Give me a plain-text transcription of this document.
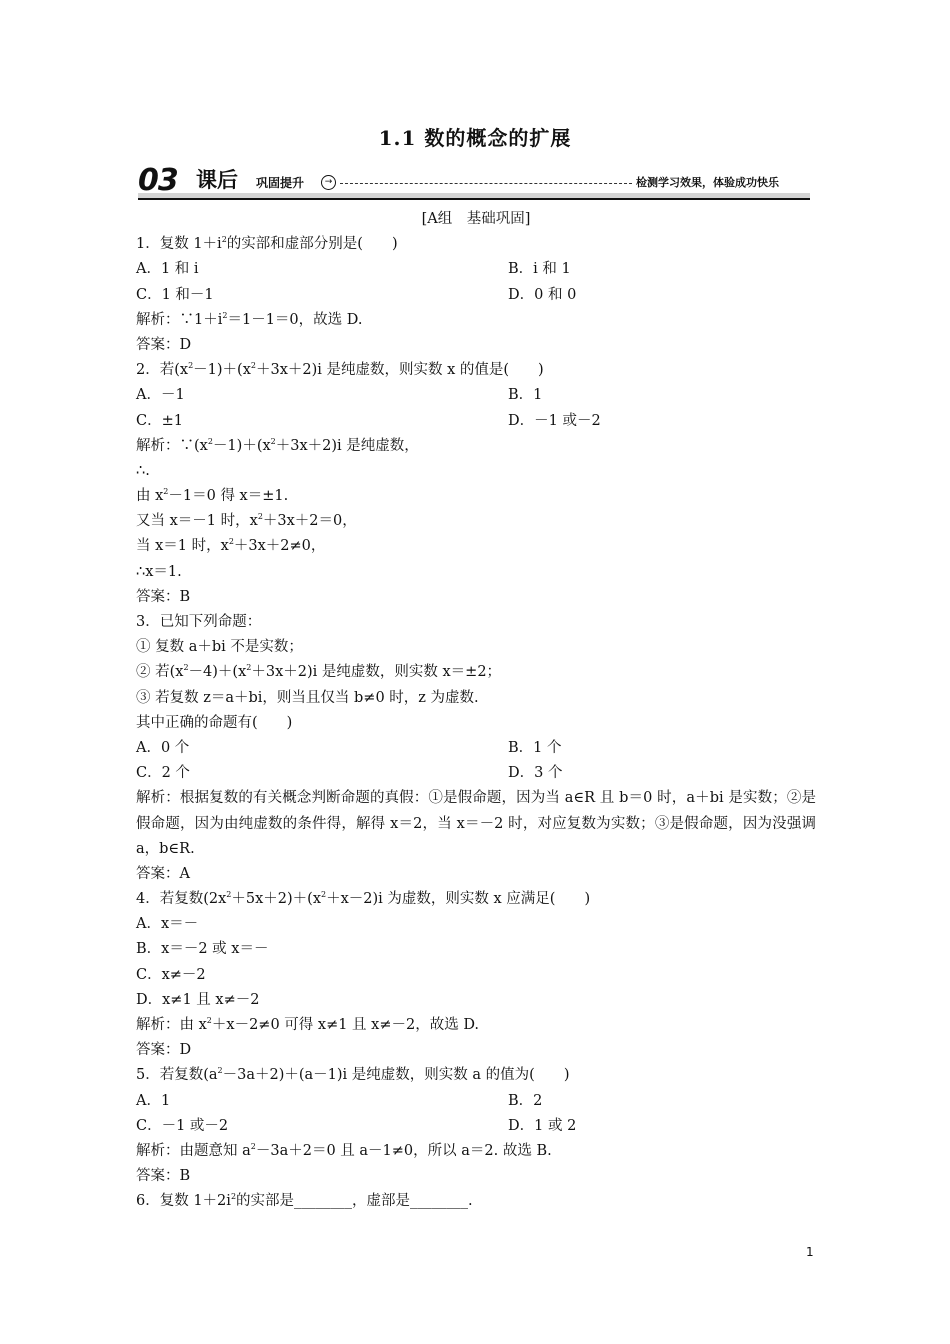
1.1 数的概念的扩展
03 课后 巩固提升	→	检测学习效果，体验成功快乐
[A组　基础巩固]
1．复数 $1+i^2$的实部和虚部分别是(　　)
A．1 和 i	B．i 和 1
C．1 和－1	D．0 和 0
解析：$\because 1+i^2=1-1=0$，故选 D.
答案：D
2．若$(x^2-1)+(x^2+3x+2)i$ 是纯虚数，则实数 x 的值是(　　)
A．－1	B．1
C．±1	D．－1 或－2
解析：$\because(x^2-1)+(x^2+3x+2)i$ 是纯虚数，
∴.
由 $x^2-1=0$ 得 x＝±1.
又当 x＝－1 时，$x^2+3x+2=0$，
当 x＝1 时，$x^2+3x+2\ne 0$，
∴x＝1.
答案：B
3．已知下列命题：
① 复数 a＋bi 不是实数；
② 若$(x^2-4)+(x^2+3x+2)i$ 是纯虚数，则实数 x＝±2；
③ 若复数 z＝a＋bi，则当且仅当 b≠0 时，z 为虚数.
其中正确的命题有(　　)
A．0 个	B．1 个
C．2 个	D．3 个
解析：根据复数的有关概念判断命题的真假：①是假命题，因为当 a∈R 且 b＝0 时，a＋bi 是实数；②是假命题，因为由纯虚数的条件得，解得 x＝2，当 x＝－2 时，对应复数为实数；③是假命题，因为没强调 a，b∈R.
答案：A
4．若复数$(2x^2+5x+2)+(x^2+x-2)i$ 为虚数，则实数 x 应满足(　　)
A．x＝－
B．x＝－2 或 x＝－
C．x≠－2
D．x≠1 且 x≠－2
解析：由 $x^2+x-2\ne 0$ 可得 x≠1 且 x≠－2，故选 D.
答案：D
5．若复数$(a^2-3a+2)+(a-1)i$ 是纯虚数，则实数 a 的值为(　　)
A．1	B．2
C．－1 或－2	D．1 或 2
解析：由题意知 $a^2-3a+2=0$ 且 a－1≠0，所以 a＝2. 故选 B.
答案：B
6．复数 $1+2i^2$的实部是________，虚部是________.
1
